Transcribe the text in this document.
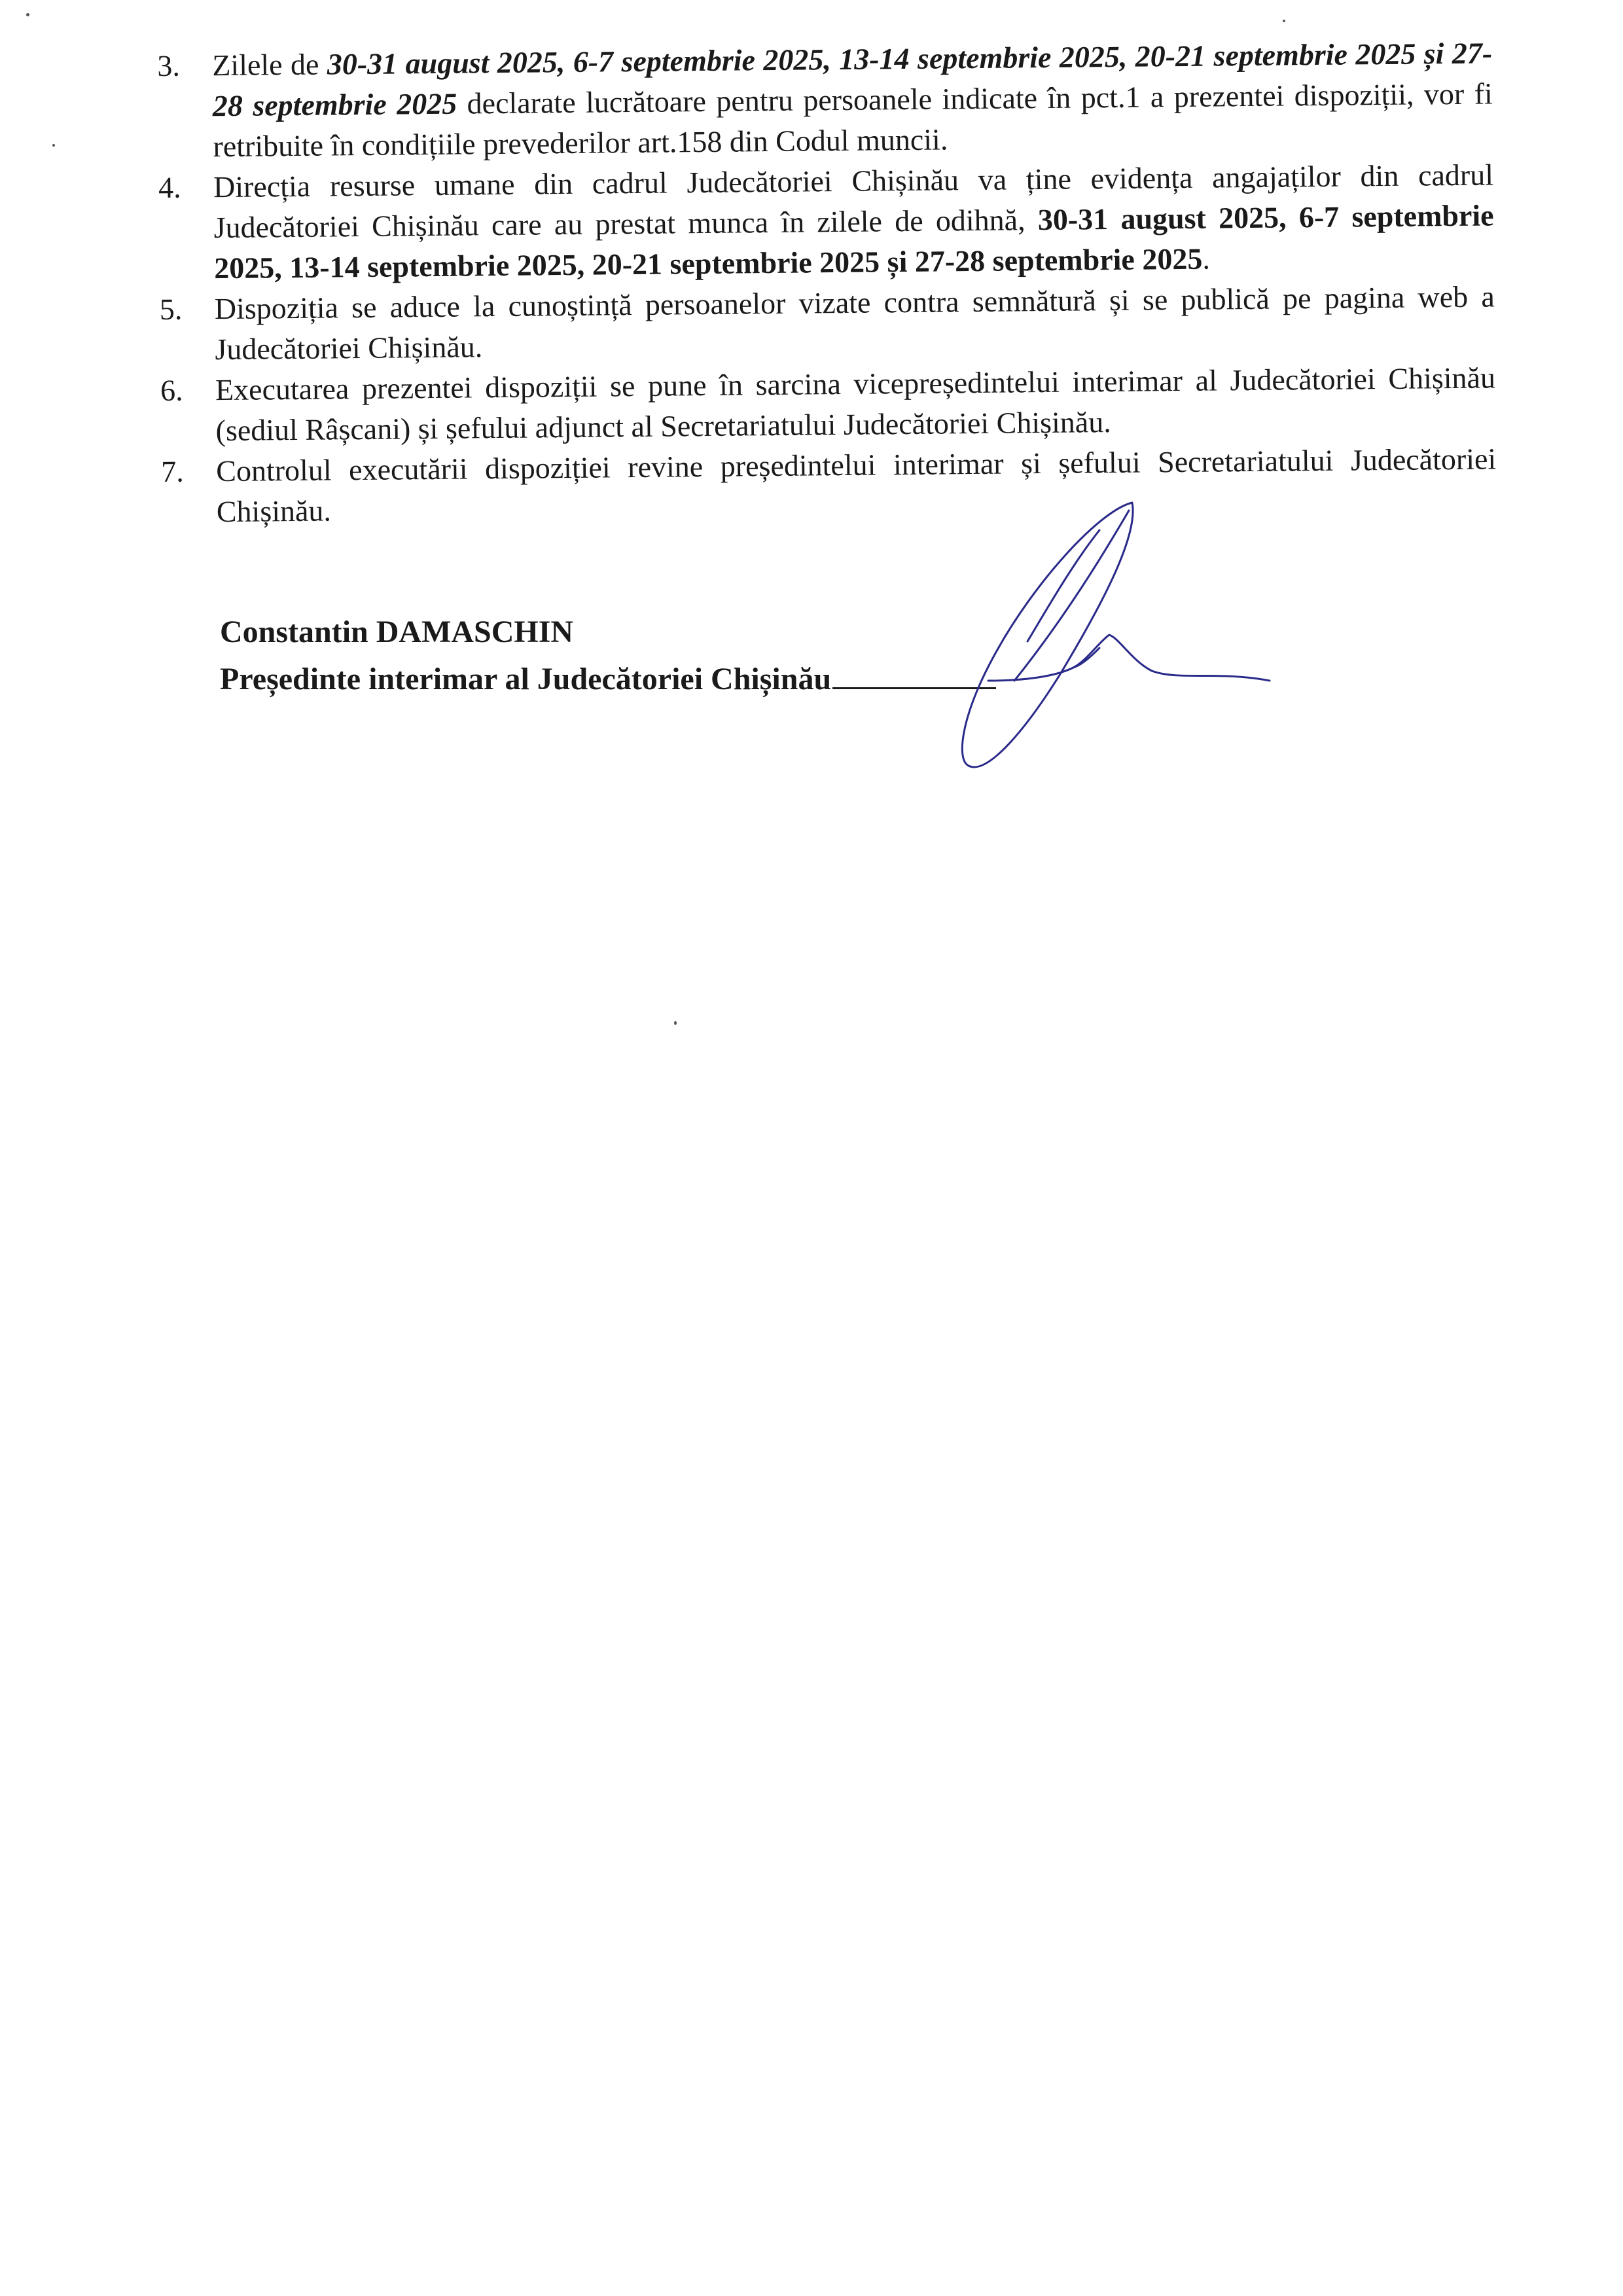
3.	Zilele de 30-31 august 2025, 6-7 septembrie 2025, 13-14 septembrie 2025, 20-21 septembrie 2025 și 27-28 septembrie 2025 declarate lucrătoare pentru persoanele indicate în pct.1 a prezentei dispoziții, vor fi retribuite în condițiile prevederilor art.158 din Codul muncii.
4.	Direcția resurse umane din cadrul Judecătoriei Chișinău va ține evidența angajaților din cadrul Judecătoriei Chișinău care au prestat munca în zilele de odihnă, 30-31 august 2025, 6-7 septembrie 2025, 13-14 septembrie 2025, 20-21 septembrie 2025 și 27-28 septembrie 2025.
5.	Dispoziția se aduce la cunoștință persoanelor vizate contra semnătură și se publică pe pagina web a Judecătoriei Chișinău.
6.	Executarea prezentei dispoziții se pune în sarcina vicepreședintelui interimar al Judecătoriei Chișinău (sediul Râșcani) și șefului adjunct al Secretariatului Judecătoriei Chișinău.
7.	Controlul executării dispoziției revine președintelui interimar și șefului Secretariatului Judecătoriei Chișinău.
Constantin DAMASCHIN
Președinte interimar al Judecătoriei Chișinău
